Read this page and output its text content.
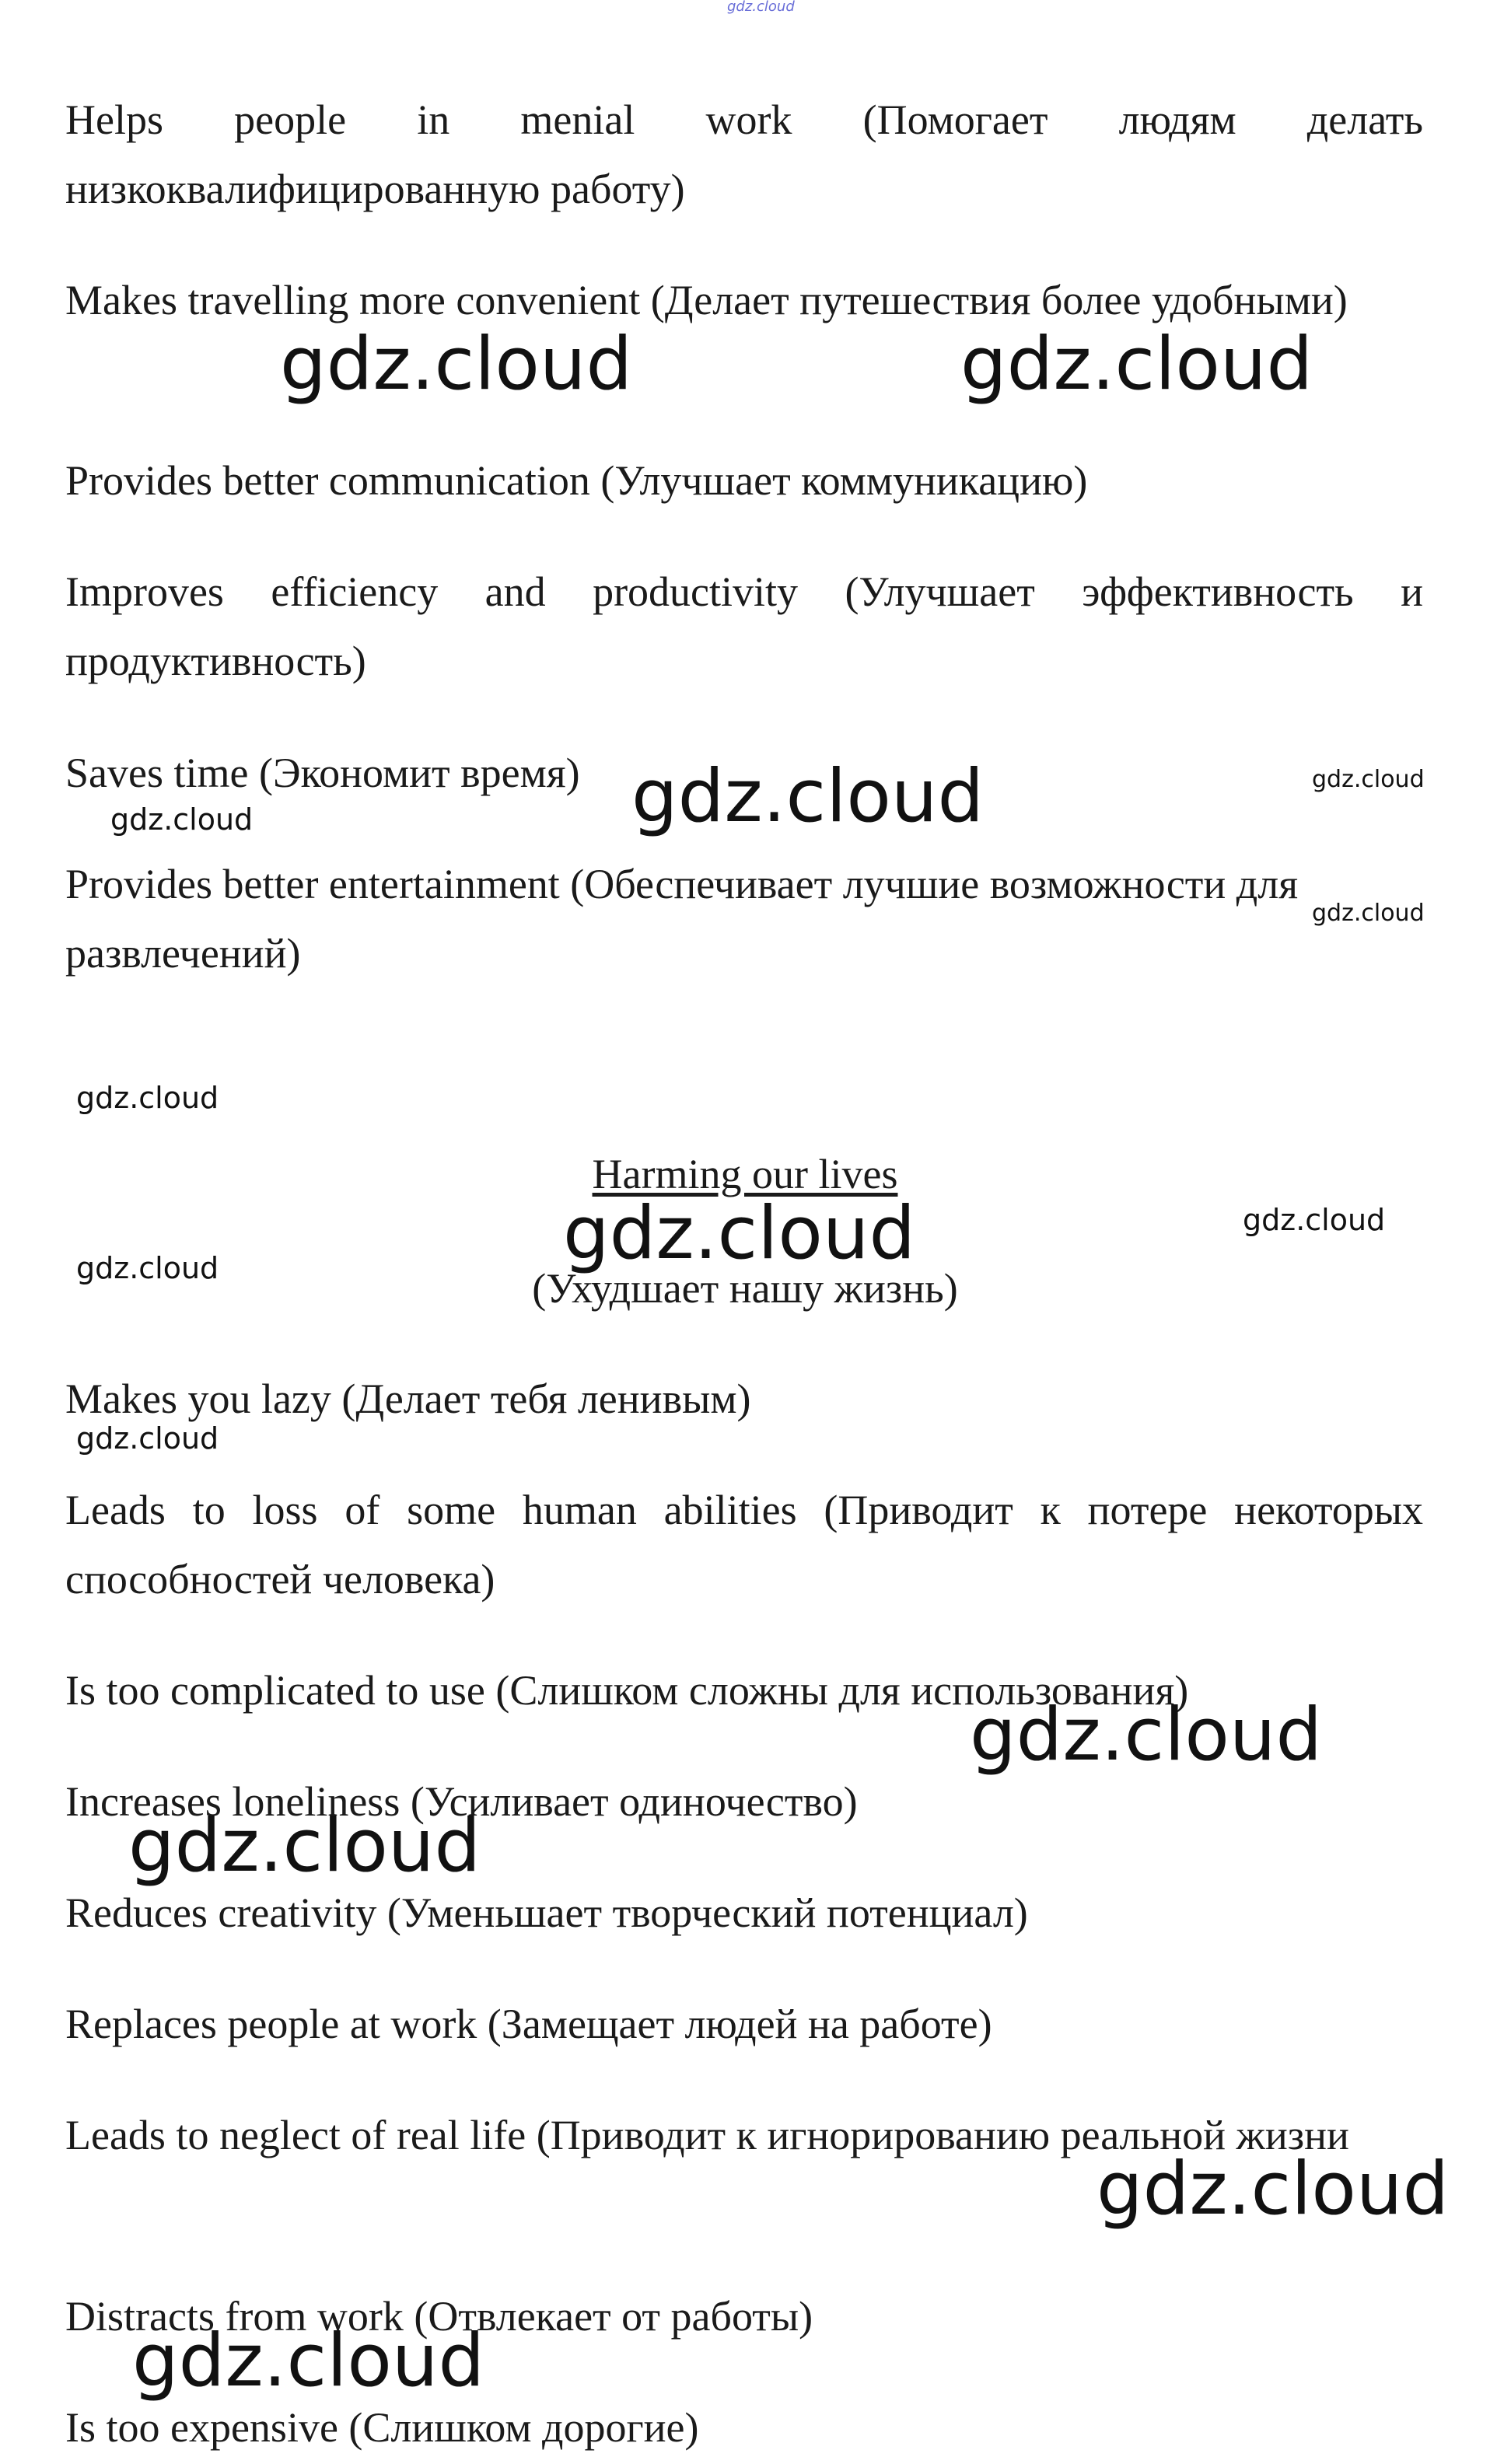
gdz.cloud

Helps people in menial work (Помогает людям делать низкоквалифицированную работу)

Makes travelling more convenient (Делает путешествия более удобными)

Provides better communication (Улучшает коммуникацию)

Improves efficiency and productivity (Улучшает эффективность и продуктивность)

Saves time (Экономит время)

Provides better entertainment (Обеспечивает лучшие возможности для развлечений)

Harming our lives

(Ухудшает нашу жизнь)

Makes you lazy (Делает тебя ленивым)

Leads to loss of some human abilities (Приводит к потере некоторых способностей человека)

Is too complicated to use (Слишком сложны для использования)

Increases loneliness (Усиливает одиночество)

Reduces creativity (Уменьшает творческий потенциал)

Replaces people at work (Замещает людей на работе)

Leads to neglect of real life (Приводит к игнорированию реальной жизни

Distracts from work (Отвлекает от работы)

Is too expensive (Слишком дорогие)

gdz.cloud	gdz.cloud
gdz.cloud
gdz.cloud
gdz.cloud
gdz.cloud
gdz.cloud
gdz.cloud	gdz.cloud
gdz.cloud
gdz.cloud
gdz.cloud
gdz.cloud
gdz.cloud
gdz.cloud
